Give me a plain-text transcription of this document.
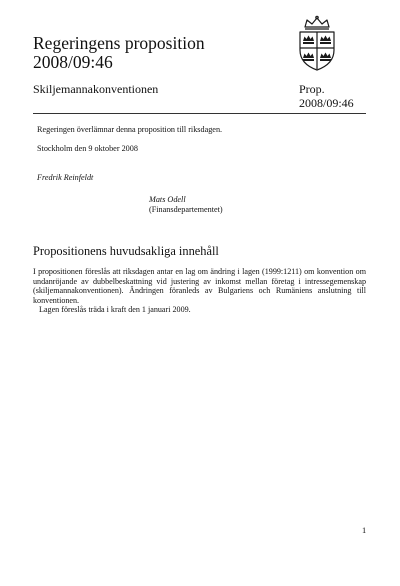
Regeringens proposition
2008/09:46
Skiljemannakonventionen	Prop.
2008/09:46
Regeringen överlämnar denna proposition till riksdagen.
Stockholm den 9 oktober 2008
Fredrik Reinfeldt
Mats Odell
(Finansdepartementet)
Propositionens huvudsakliga innehåll

I propositionen föreslås att riksdagen antar en lag om ändring i lagen (1999:1211) om konvention om undanröjande av dubbelbeskattning vid justering av inkomst mellan företag i intressegemenskap (skiljemannakonventionen). Ändringen föranleds av Bulgariens och Rumäniens anslutning till konventionen.

Lagen föreslås träda i kraft den 1 januari 2009.

1
